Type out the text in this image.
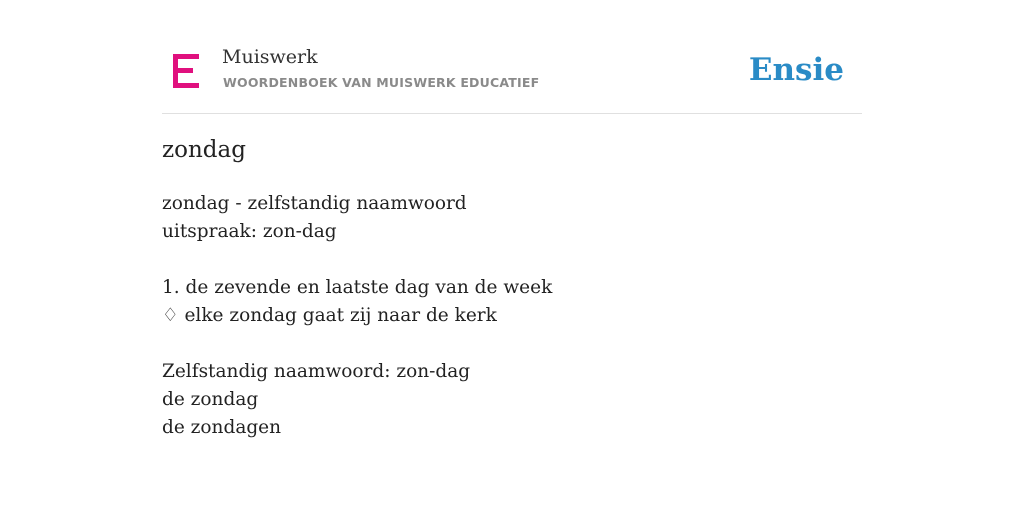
Muiswerk
WOORDENBOEK VAN MUISWERK EDUCATIEF	Ensie
zondag
zondag - zelfstandig naamwoord
uitspraak: zon-dag
1. de zevende en laatste dag van de week
♢ elke zondag gaat zij naar de kerk
Zelfstandig naamwoord: zon-dag
de zondag
de zondagen
